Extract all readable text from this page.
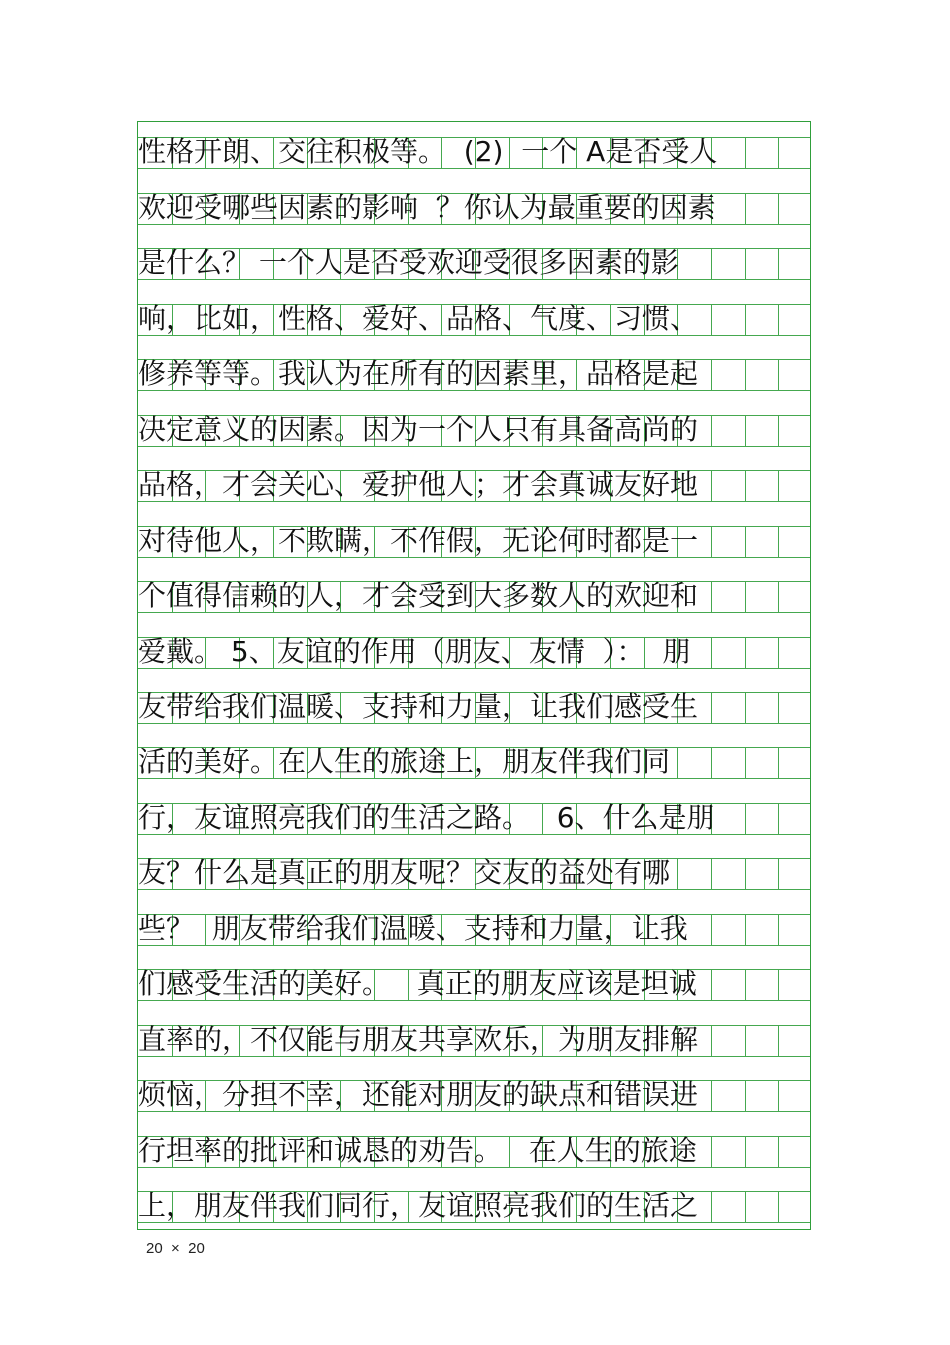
性格开朗、交往积极等。  (2)  一个 A是否受人
欢迎受哪些因素的影响  ？你认为最重要的因素
是什么？ 一个人是否受欢迎受很多因素的影
响，比如，性格、爱好、品格、气度、习惯、
修养等等。我认为在所有的因素里，品格是起
决定意义的因素。因为一个人只有具备高尚的
品格，才会关心、爱护他人；才会真诚友好地
对待他人，不欺瞒，不作假，无论何时都是一
个值得信赖的人，才会受到大多数人的欢迎和
爱戴。 5、友谊的作用（朋友、友情  ）：  朋
友带给我们温暖、支持和力量，让我们感受生
活的美好。在人生的旅途上，朋友伴我们同
行，友谊照亮我们的生活之路。   6、什么是朋
友？什么是真正的朋友呢？交友的益处有哪
些？  朋友带给我们温暖、支持和力量，让我
们感受生活的美好。   真正的朋友应该是坦诚
直率的，不仅能与朋友共享欢乐，为朋友排解
烦恼，分担不幸，还能对朋友的缺点和错误进
行坦率的批评和诚恳的劝告。   在人生的旅途
上，朋友伴我们同行，友谊照亮我们的生活之
20  ×  20
